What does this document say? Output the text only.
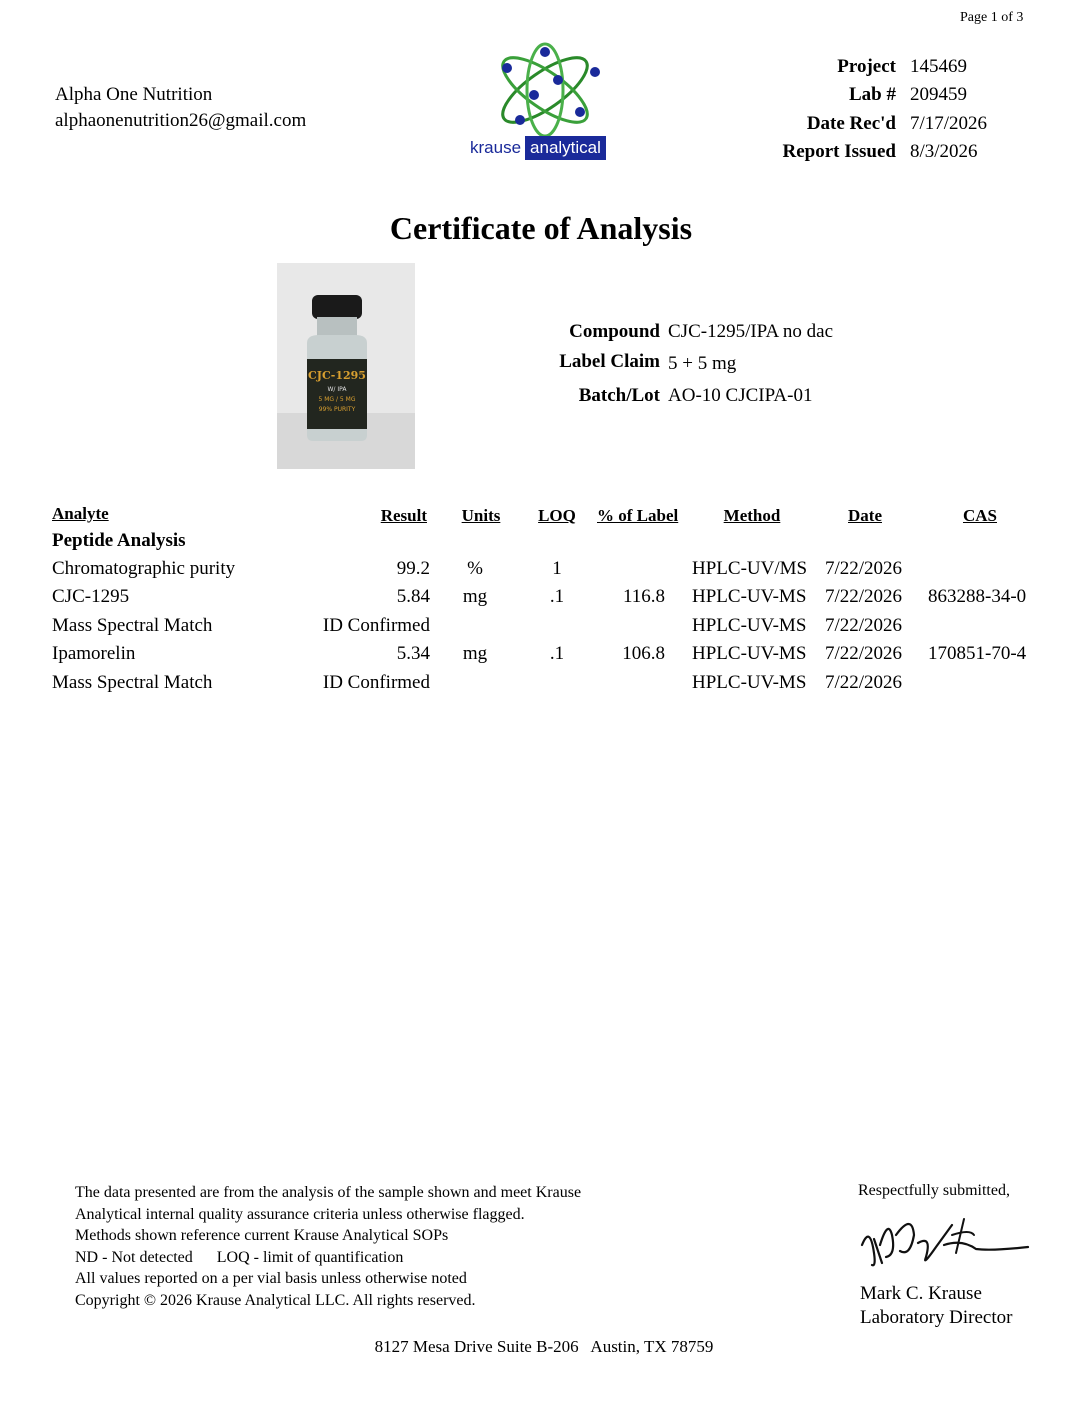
Page 1 of 3
Alpha One Nutrition
alphaonenutrition26@gmail.com
krause analytical
Project 145469
Lab # 209459
Date Rec'd 7/17/2026
Report Issued 8/3/2026
Certificate of Analysis
CJC-1295
W/ IPA
5 MG / 5 MG
99% PURITY
Compound CJC-1295/IPA no dac
Label Claim 5 + 5 mg
Batch/Lot AO-10 CJCIPA-01
Analyte	Result	Units	LOQ	% of Label	Method	Date	CAS
Peptide Analysis
Chromatographic purity	99.2	%	1	HPLC-UV/MS 7/22/2026
CJC-1295	5.84	mg	.1	116.8 HPLC-UV-MS 7/22/2026 863288-34-0
Mass Spectral Match	ID Confirmed	HPLC-UV-MS 7/22/2026
Ipamorelin	5.34	mg	.1	106.8 HPLC-UV-MS 7/22/2026 170851-70-4
Mass Spectral Match	ID Confirmed	HPLC-UV-MS 7/22/2026
The data presented are from the analysis of the sample shown and meet Krause
Analytical internal quality assurance criteria unless otherwise flagged.
Methods shown reference current Krause Analytical SOPs
ND - Not detected      LOQ - limit of quantification
All values reported on a per vial basis unless otherwise noted
Copyright © 2026 Krause Analytical LLC. All rights reserved.
Respectfully submitted,
Mark C. Krause
Laboratory Director
8127 Mesa Drive Suite B-206   Austin, TX 78759
